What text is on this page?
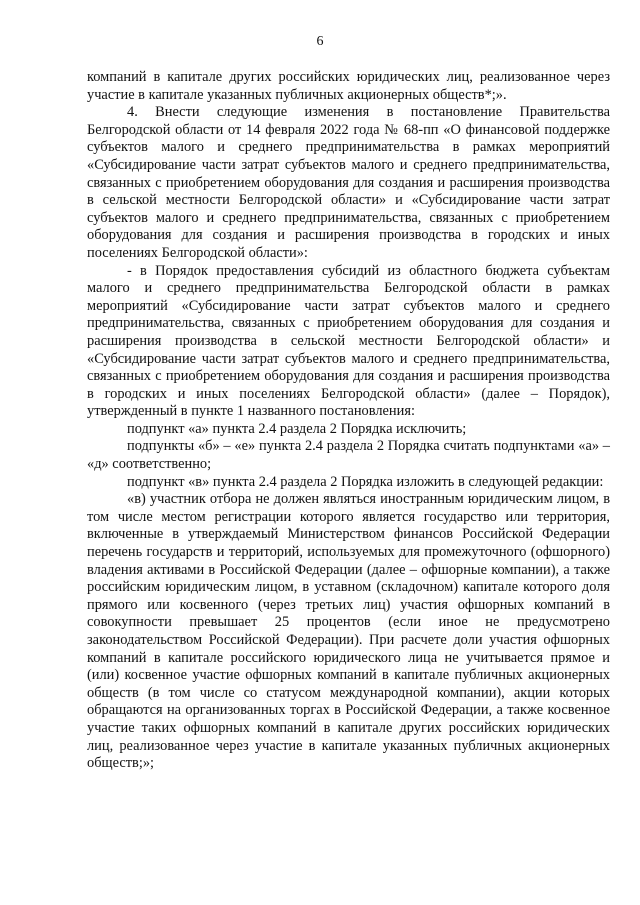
6

компаний в капитале других российских юридических лиц, реализованное через участие в капитале указанных публичных акционерных обществ*;».

4. Внести следующие изменения в постановление Правительства Белгородской области от 14 февраля 2022 года № 68-пп «О финансовой поддержке субъектов малого и среднего предпринимательства в рамках мероприятий «Субсидирование части затрат субъектов малого и среднего предпринимательства, связанных с приобретением оборудования для создания и расширения производства в сельской местности Белгородской области» и «Субсидирование части затрат субъектов малого и среднего предпринимательства, связанных с приобретением оборудования для создания и расширения производства в городских и иных поселениях Белгородской области»:

- в Порядок предоставления субсидий из областного бюджета субъектам малого и среднего предпринимательства Белгородской области в рамках мероприятий «Субсидирование части затрат субъектов малого и среднего предпринимательства, связанных с приобретением оборудования для создания и расширения производства в сельской местности Белгородской области» и «Субсидирование части затрат субъектов малого и среднего предпринимательства, связанных с приобретением оборудования для создания и расширения производства в городских и иных поселениях Белгородской области» (далее – Порядок), утвержденный в пункте 1 названного постановления:

подпункт «а» пункта 2.4 раздела 2 Порядка исключить;

подпункты «б» – «е» пункта 2.4 раздела 2 Порядка считать подпунктами «а» – «д» соответственно;

подпункт «в» пункта 2.4 раздела 2 Порядка изложить в следующей редакции:

«в) участник отбора не должен являться иностранным юридическим лицом, в том числе местом регистрации которого является государство или территория, включенные в утверждаемый Министерством финансов Российской Федерации перечень государств и территорий, используемых для промежуточного (офшорного) владения активами в Российской Федерации (далее – офшорные компании), а также российским юридическим лицом, в уставном (складочном) капитале которого доля прямого или косвенного (через третьих лиц) участия офшорных компаний в совокупности превышает 25 процентов (если иное не предусмотрено законодательством Российской Федерации). При расчете доли участия офшорных компаний в капитале российского юридического лица не учитывается прямое и (или) косвенное участие офшорных компаний в капитале публичных акционерных обществ (в том числе со статусом международной компании), акции которых обращаются на организованных торгах в Российской Федерации, а также косвенное участие таких офшорных компаний в капитале других российских юридических лиц, реализованное через участие в капитале указанных публичных акционерных обществ;»;
